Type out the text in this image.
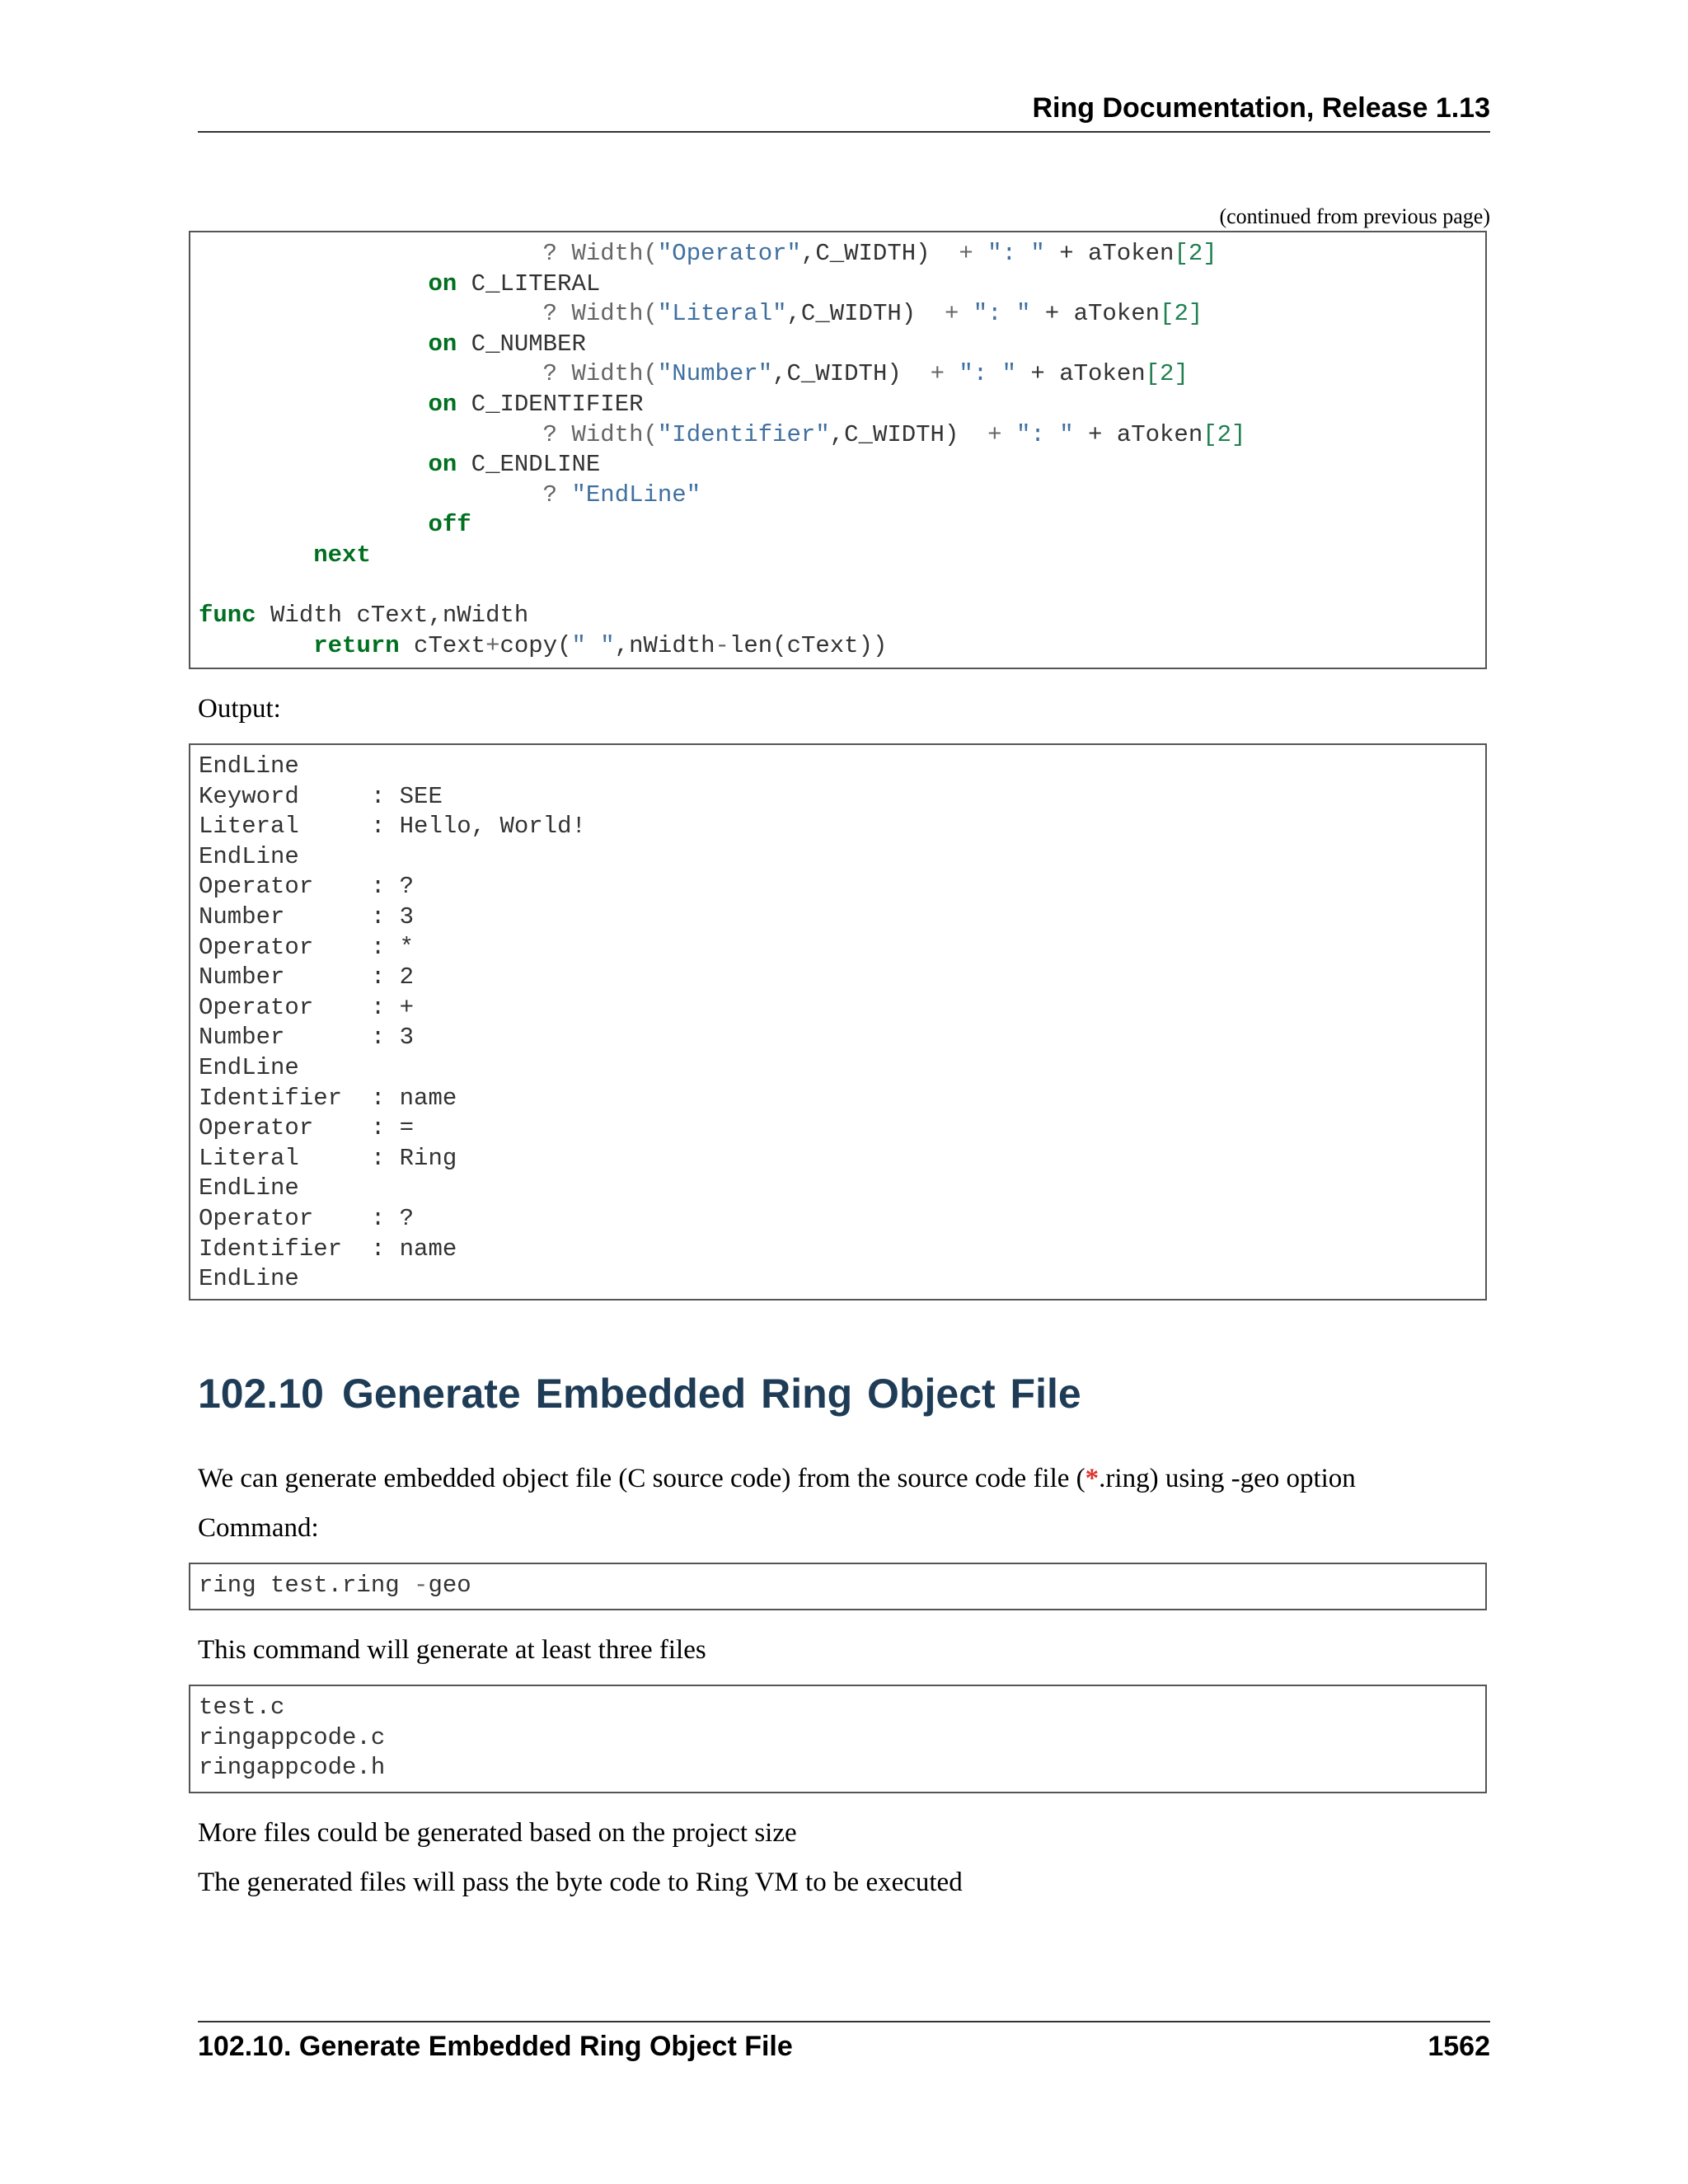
Ring Documentation, Release 1.13
(continued from previous page)
? Width("Operator",C_WIDTH)  + ": " + aToken[2]
on C_LITERAL
? Width("Literal",C_WIDTH)  + ": " + aToken[2]
on C_NUMBER
? Width("Number",C_WIDTH)  + ": " + aToken[2]
on C_IDENTIFIER
? Width("Identifier",C_WIDTH)  + ": " + aToken[2]
on C_ENDLINE
? "EndLine"
off
next
func Width cText,nWidth
return cText+copy(" ",nWidth-len(cText))
Output:
EndLine
Keyword     : SEE
Literal     : Hello, World!
EndLine
Operator    : ?
Number      : 3
Operator    : *
Number      : 2
Operator    : +
Number      : 3
EndLine
Identifier  : name
Operator    : =
Literal     : Ring
EndLine
Operator    : ?
Identifier  : name
EndLine
102.10 Generate Embedded Ring Object File
We can generate embedded object file (C source code) from the source code file (*.ring) using -geo option
Command:
ring test.ring -geo
This command will generate at least three files
test.c
ringappcode.c
ringappcode.h
More files could be generated based on the project size
The generated files will pass the byte code to Ring VM to be executed
102.10. Generate Embedded Ring Object File	1562
